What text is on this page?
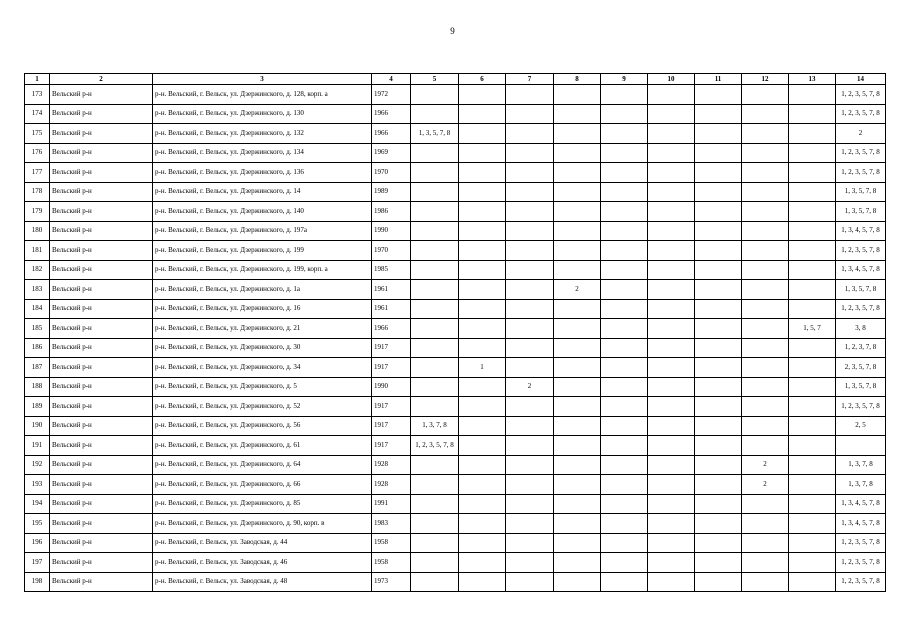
9
1	2	3	4	5	6	7	8	9	10	11	12	13	14
173	Вельский р-н	р-н. Вельский, г. Вельск, ул. Дзержинского, д. 128, корп. а	1972										1, 2, 3, 5, 7, 8
174	Вельский р-н	р-н. Вельский, г. Вельск, ул. Дзержинского, д. 130	1966										1, 2, 3, 5, 7, 8
175	Вельский р-н	р-н. Вельский, г. Вельск, ул. Дзержинского, д. 132	1966	1, 3, 5, 7, 8									2
176	Вельский р-н	р-н. Вельский, г. Вельск, ул. Дзержинского, д. 134	1969										1, 2, 3, 5, 7, 8
177	Вельский р-н	р-н. Вельский, г. Вельск, ул. Дзержинского, д. 136	1970										1, 2, 3, 5, 7, 8
178	Вельский р-н	р-н. Вельский, г. Вельск, ул. Дзержинского, д. 14	1989										1, 3, 5, 7, 8
179	Вельский р-н	р-н. Вельский, г. Вельск, ул. Дзержинского, д. 140	1986										1, 3, 5, 7, 8
180	Вельский р-н	р-н. Вельский, г. Вельск, ул. Дзержинского, д. 197а	1990										1, 3, 4, 5, 7, 8
181	Вельский р-н	р-н. Вельский, г. Вельск, ул. Дзержинского, д. 199	1970										1, 2, 3, 5, 7, 8
182	Вельский р-н	р-н. Вельский, г. Вельск, ул. Дзержинского, д. 199, корп. а	1985										1, 3, 4, 5, 7, 8
183	Вельский р-н	р-н. Вельский, г. Вельск, ул. Дзержинского, д. 1а	1961				2						1, 3, 5, 7, 8
184	Вельский р-н	р-н. Вельский, г. Вельск, ул. Дзержинского, д. 16	1961										1, 2, 3, 5, 7, 8
185	Вельский р-н	р-н. Вельский, г. Вельск, ул. Дзержинского, д. 21	1966									1, 5, 7	3, 8
186	Вельский р-н	р-н. Вельский, г. Вельск, ул. Дзержинского, д. 30	1917										1, 2, 3, 7, 8
187	Вельский р-н	р-н. Вельский, г. Вельск, ул. Дзержинского, д. 34	1917		1								2, 3, 5, 7, 8
188	Вельский р-н	р-н. Вельский, г. Вельск, ул. Дзержинского, д. 5	1990			2							1, 3, 5, 7, 8
189	Вельский р-н	р-н. Вельский, г. Вельск, ул. Дзержинского, д. 52	1917										1, 2, 3, 5, 7, 8
190	Вельский р-н	р-н. Вельский, г. Вельск, ул. Дзержинского, д. 56	1917	1, 3, 7, 8									2, 5
191	Вельский р-н	р-н. Вельский, г. Вельск, ул. Дзержинского, д. 61	1917	1, 2, 3, 5, 7, 8									
192	Вельский р-н	р-н. Вельский, г. Вельск, ул. Дзержинского, д. 64	1928								2		1, 3, 7, 8
193	Вельский р-н	р-н. Вельский, г. Вельск, ул. Дзержинского, д. 66	1928								2		1, 3, 7, 8
194	Вельский р-н	р-н. Вельский, г. Вельск, ул. Дзержинского, д. 85	1991										1, 3, 4, 5, 7, 8
195	Вельский р-н	р-н. Вельский, г. Вельск, ул. Дзержинского, д. 90, корп. в	1983										1, 3, 4, 5, 7, 8
196	Вельский р-н	р-н. Вельский, г. Вельск, ул. Заводская, д. 44	1958										1, 2, 3, 5, 7, 8
197	Вельский р-н	р-н. Вельский, г. Вельск, ул. Заводская, д. 46	1958										1, 2, 3, 5, 7, 8
198	Вельский р-н	р-н. Вельский, г. Вельск, ул. Заводская, д. 48	1973										1, 2, 3, 5, 7, 8
